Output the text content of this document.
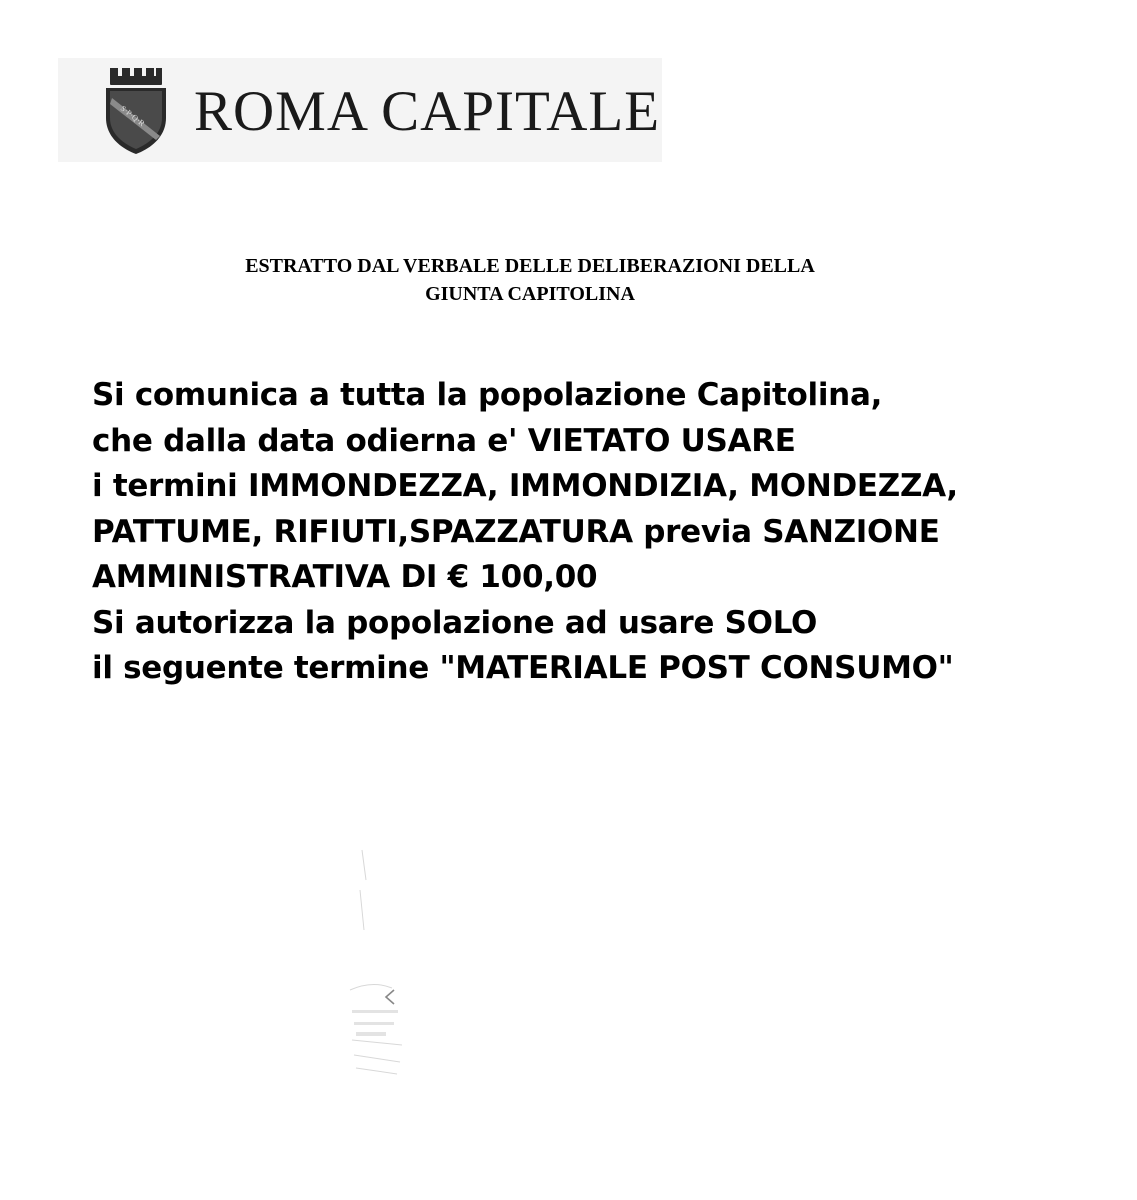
S·P·Q·R ROMA CAPITALE
ESTRATTO DAL VERBALE DELLE DELIBERAZIONI DELLA
GIUNTA CAPITOLINA
Si comunica a tutta la popolazione Capitolina,
che dalla data odierna e' VIETATO USARE
i termini IMMONDEZZA, IMMONDIZIA, MONDEZZA,
PATTUME, RIFIUTI,SPAZZATURA previa SANZIONE
AMMINISTRATIVA DI € 100,00
Si autorizza la popolazione ad usare SOLO
il seguente termine "MATERIALE POST CONSUMO"
